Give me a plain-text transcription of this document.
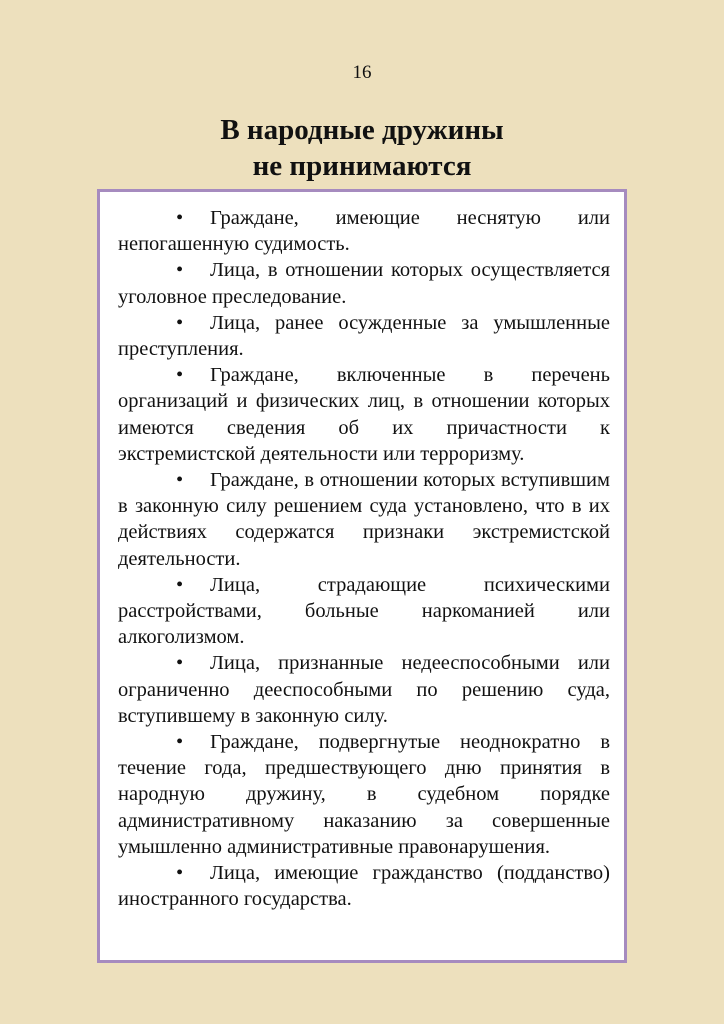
16
В народные дружины
не принимаются
• Граждане, имеющие неснятую или непогашенную судимость.
• Лица, в отношении которых осуществляется уголовное преследование.
• Лица, ранее осужденные за умышленные преступления.
• Граждане, включенные в перечень организаций и физических лиц, в отношении которых имеются сведения об их причастности к экстремистской деятельности или терроризму.
• Граждане, в отношении которых вступившим в законную силу решением суда установлено, что в их действиях содержатся признаки экстремистской деятельности.
• Лица, страдающие психическими расстройствами, больные наркоманией или алкоголизмом.
• Лица, признанные недееспособными или ограниченно дееспособными по решению суда, вступившему в законную силу.
• Граждане, подвергнутые неоднократно в течение года, предшествующего дню принятия в народную дружину, в судебном порядке административному наказанию за совершенные умышленно административные правонарушения.
• Лица, имеющие гражданство (подданство) иностранного государства.
